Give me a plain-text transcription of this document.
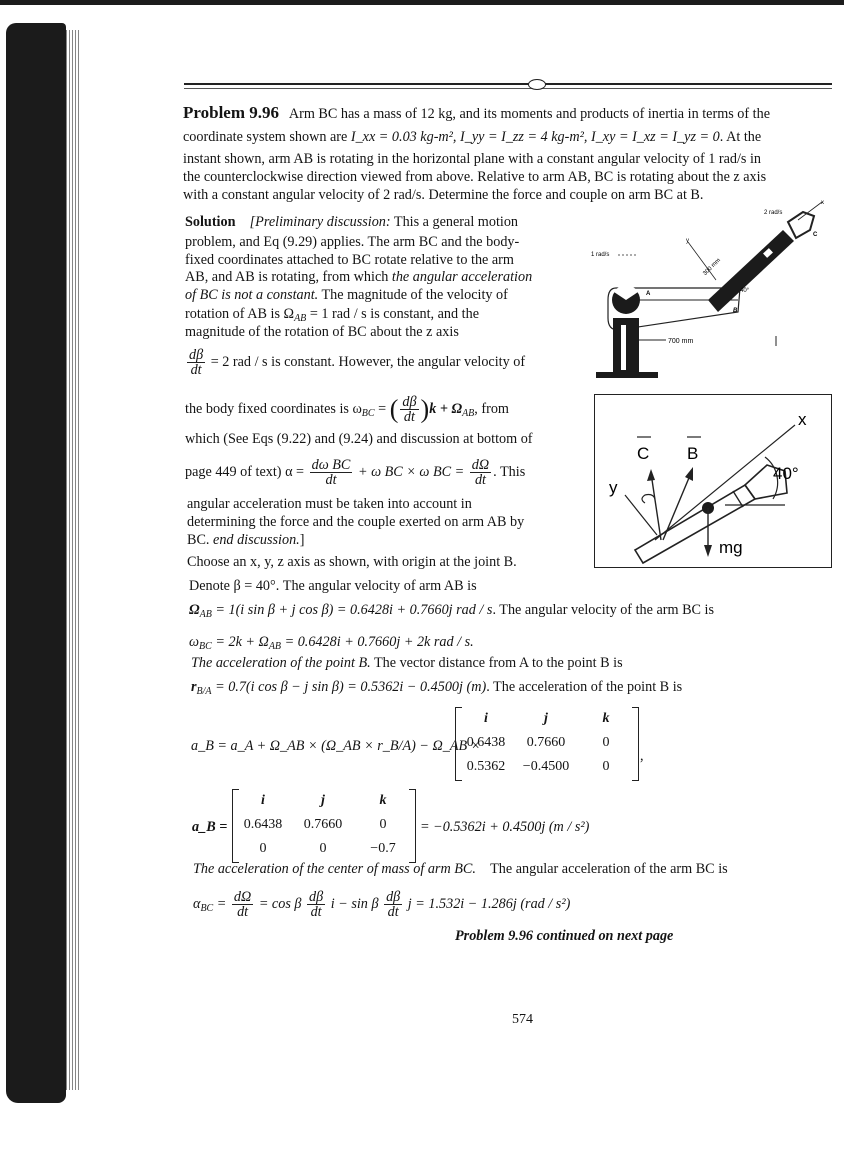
Problem 9.96 Arm BC has a mass of 12 kg, and its moments and products of inertia in terms of the
coordinate system shown are I_xx = 0.03 kg-m², I_yy = I_zz = 4 kg-m², I_xy = I_xz = I_yz = 0. At the
instant shown, arm AB is rotating in the horizontal plane with a constant angular velocity of 1 rad/s in
the counterclockwise direction viewed from above. Relative to arm AB, BC is rotating about the z axis
with a constant angular velocity of 2 rad/s. Determine the force and couple on arm BC at B.
Solution [Preliminary discussion: This a general motion
problem, and Eq (9.29) applies. The arm BC and the body-
fixed coordinates attached to BC rotate relative to the arm
AB, and AB is rotating, from which the angular acceleration
of BC is not a constant. The magnitude of the velocity of
rotation of AB is $\Omega_{AB} = 1$ rad / s is constant, and the
magnitude of the rotation of BC about the z axis
$\frac{d\beta}{dt} = 2$ rad / s is constant. However, the angular velocity of
the body fixed coordinates is $\omega_{BC}$ = ( $\frac{d\beta}{dt} )k + \Omega_{AB}$, from
which (See Eqs (9.22) and (9.24) and discussion at bottom of
page 449 of text) $\alpha = \frac{\text{dω BC}}{dt} + \omega$ BC × ω BC = $\frac{d\Omega}{dt}$ . This
angular acceleration must be taken into account in
determining the force and the couple exerted on arm AB by
BC. end discussion.]
Choose an x, y, z axis as shown, with origin at the joint B.
Denote β = 40°. The angular velocity of arm AB is
$\Omega_{AB} = 1(i$ sin β + j cos β) = 0.6428i + 0.7660j rad / s. The angular velocity of the arm BC is
$\omega_{BC} = 2k + \Omega_{AB} = 0.6428i + 0.7660j + 2k$ rad / s.
The acceleration of the point B. The vector distance from A to the point B is
$r_{B/A} = 0.7(i$ cos β − j sin β) = 0.5362i − 0.4500j (m). The acceleration of the point B is
a_B = a_A + Ω_AB × (Ω_AB × r_B/A) − Ω_AB ×
i	j	k
0.6438	0.7660	0
0.5362	−0.4500	0
,
a_B =
i	j	k
0.6438	0.7660	0
0	0	−0.7
= −0.5362i + 0.4500j (m / s²)
The acceleration of the center of mass of arm BC. The angular acceleration of the arm BC is
$\alpha_{BC} = \frac{d\Omega}{dt} = \cos \beta \frac{d\beta}{dt}$ i − sin β $\frac{d\beta}{dt}$ j = 1.532i − 1.286j (rad / s²)
Problem 9.96 continued on next page
574
700 mm
1 rad/s
A
B
C
x
y
300 mm
40°
2 rad/s
x
y
C B
mg
40°
